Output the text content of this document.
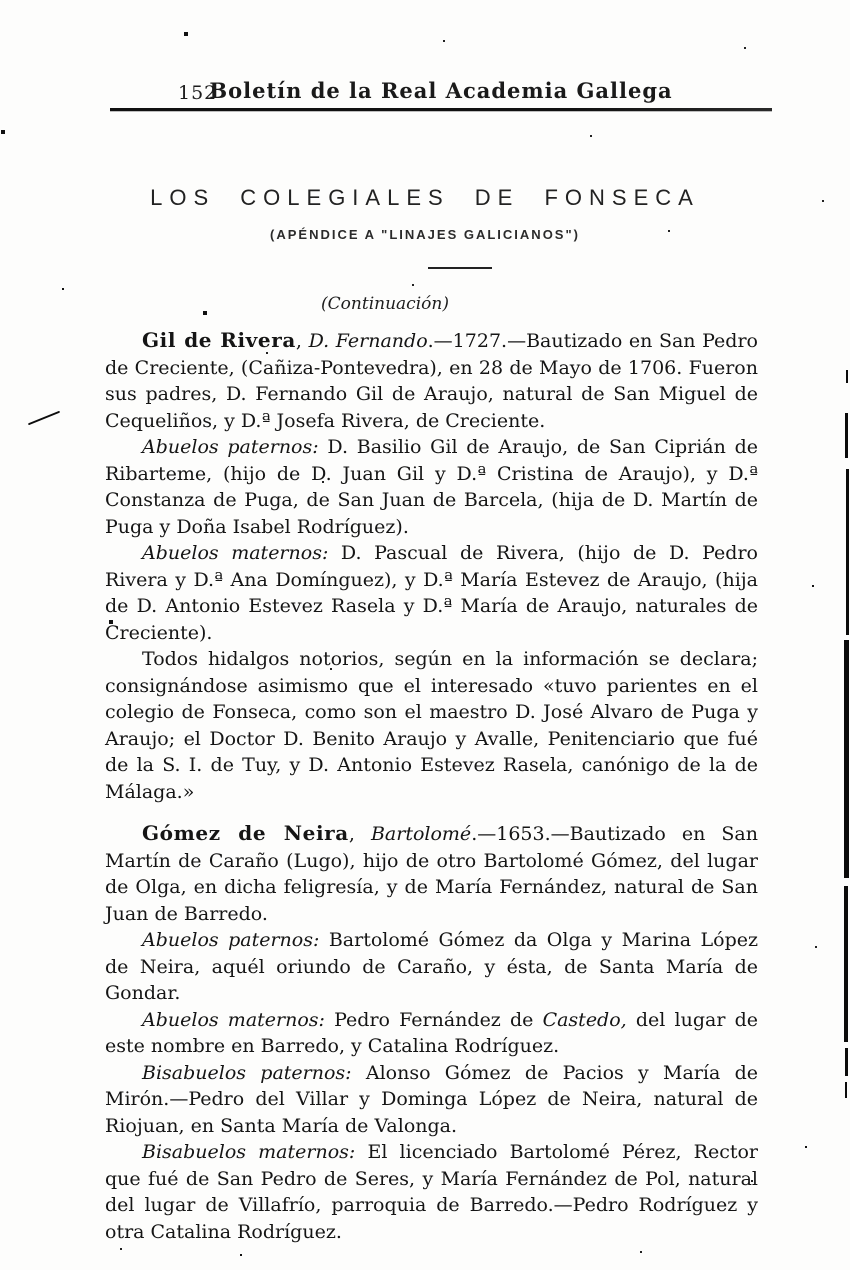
152
Boletín de la Real Academia Gallega
LOS COLEGIALES DE FONSECA
(APÉNDICE A "LINAJES GALICIANOS")

(Continuación)

Gil de Rivera, D. Fernando.—1727.—Bautizado en San Pedro de Creciente, (Cañiza-Pontevedra), en 28 de Mayo de 1706. Fueron sus padres, D. Fernando Gil de Araujo, natural de San Miguel de Cequeliños, y D.ª Josefa Rivera, de Creciente.

Abuelos paternos: D. Basilio Gil de Araujo, de San Ciprián de Ribarteme, (hijo de D. Juan Gil y D.ª Cristina de Araujo), y D.ª Constanza de Puga, de San Juan de Barcela, (hija de D. Martín de Puga y Doña Isabel Rodríguez).

Abuelos maternos: D. Pascual de Rivera, (hijo de D. Pedro Rivera y D.ª Ana Domínguez), y D.ª María Estevez de Araujo, (hija de D. Antonio Estevez Rasela y D.ª María de Araujo, naturales de Creciente).

Todos hidalgos notorios, según en la información se declara; consignándose asimismo que el interesado «tuvo parientes en el colegio de Fonseca, como son el maestro D. José Alvaro de Puga y Araujo; el Doctor D. Benito Araujo y Avalle, Penitenciario que fué de la S. I. de Tuy, y D. Antonio Estevez Rasela, canónigo de la de Málaga.»

Gómez de Neira, Bartolomé.—1653.—Bautizado en San Martín de Caraño (Lugo), hijo de otro Bartolomé Gómez, del lugar de Olga, en dicha feligresía, y de María Fernández, natural de San Juan de Barredo.

Abuelos paternos: Bartolomé Gómez da Olga y Marina López de Neira, aquél oriundo de Caraño, y ésta, de Santa María de Gondar.

Abuelos maternos: Pedro Fernández de Castedo, del lugar de este nombre en Barredo, y Catalina Rodríguez.

Bisabuelos paternos: Alonso Gómez de Pacios y María de Mirón.—Pedro del Villar y Dominga López de Neira, natural de Riojuan, en Santa María de Valonga.

Bisabuelos maternos: El licenciado Bartolomé Pérez, Rector que fué de San Pedro de Seres, y María Fernández de Pol, natural del lugar de Villafrío, parroquia de Barredo.—Pedro Rodríguez y otra Catalina Rodríguez.
